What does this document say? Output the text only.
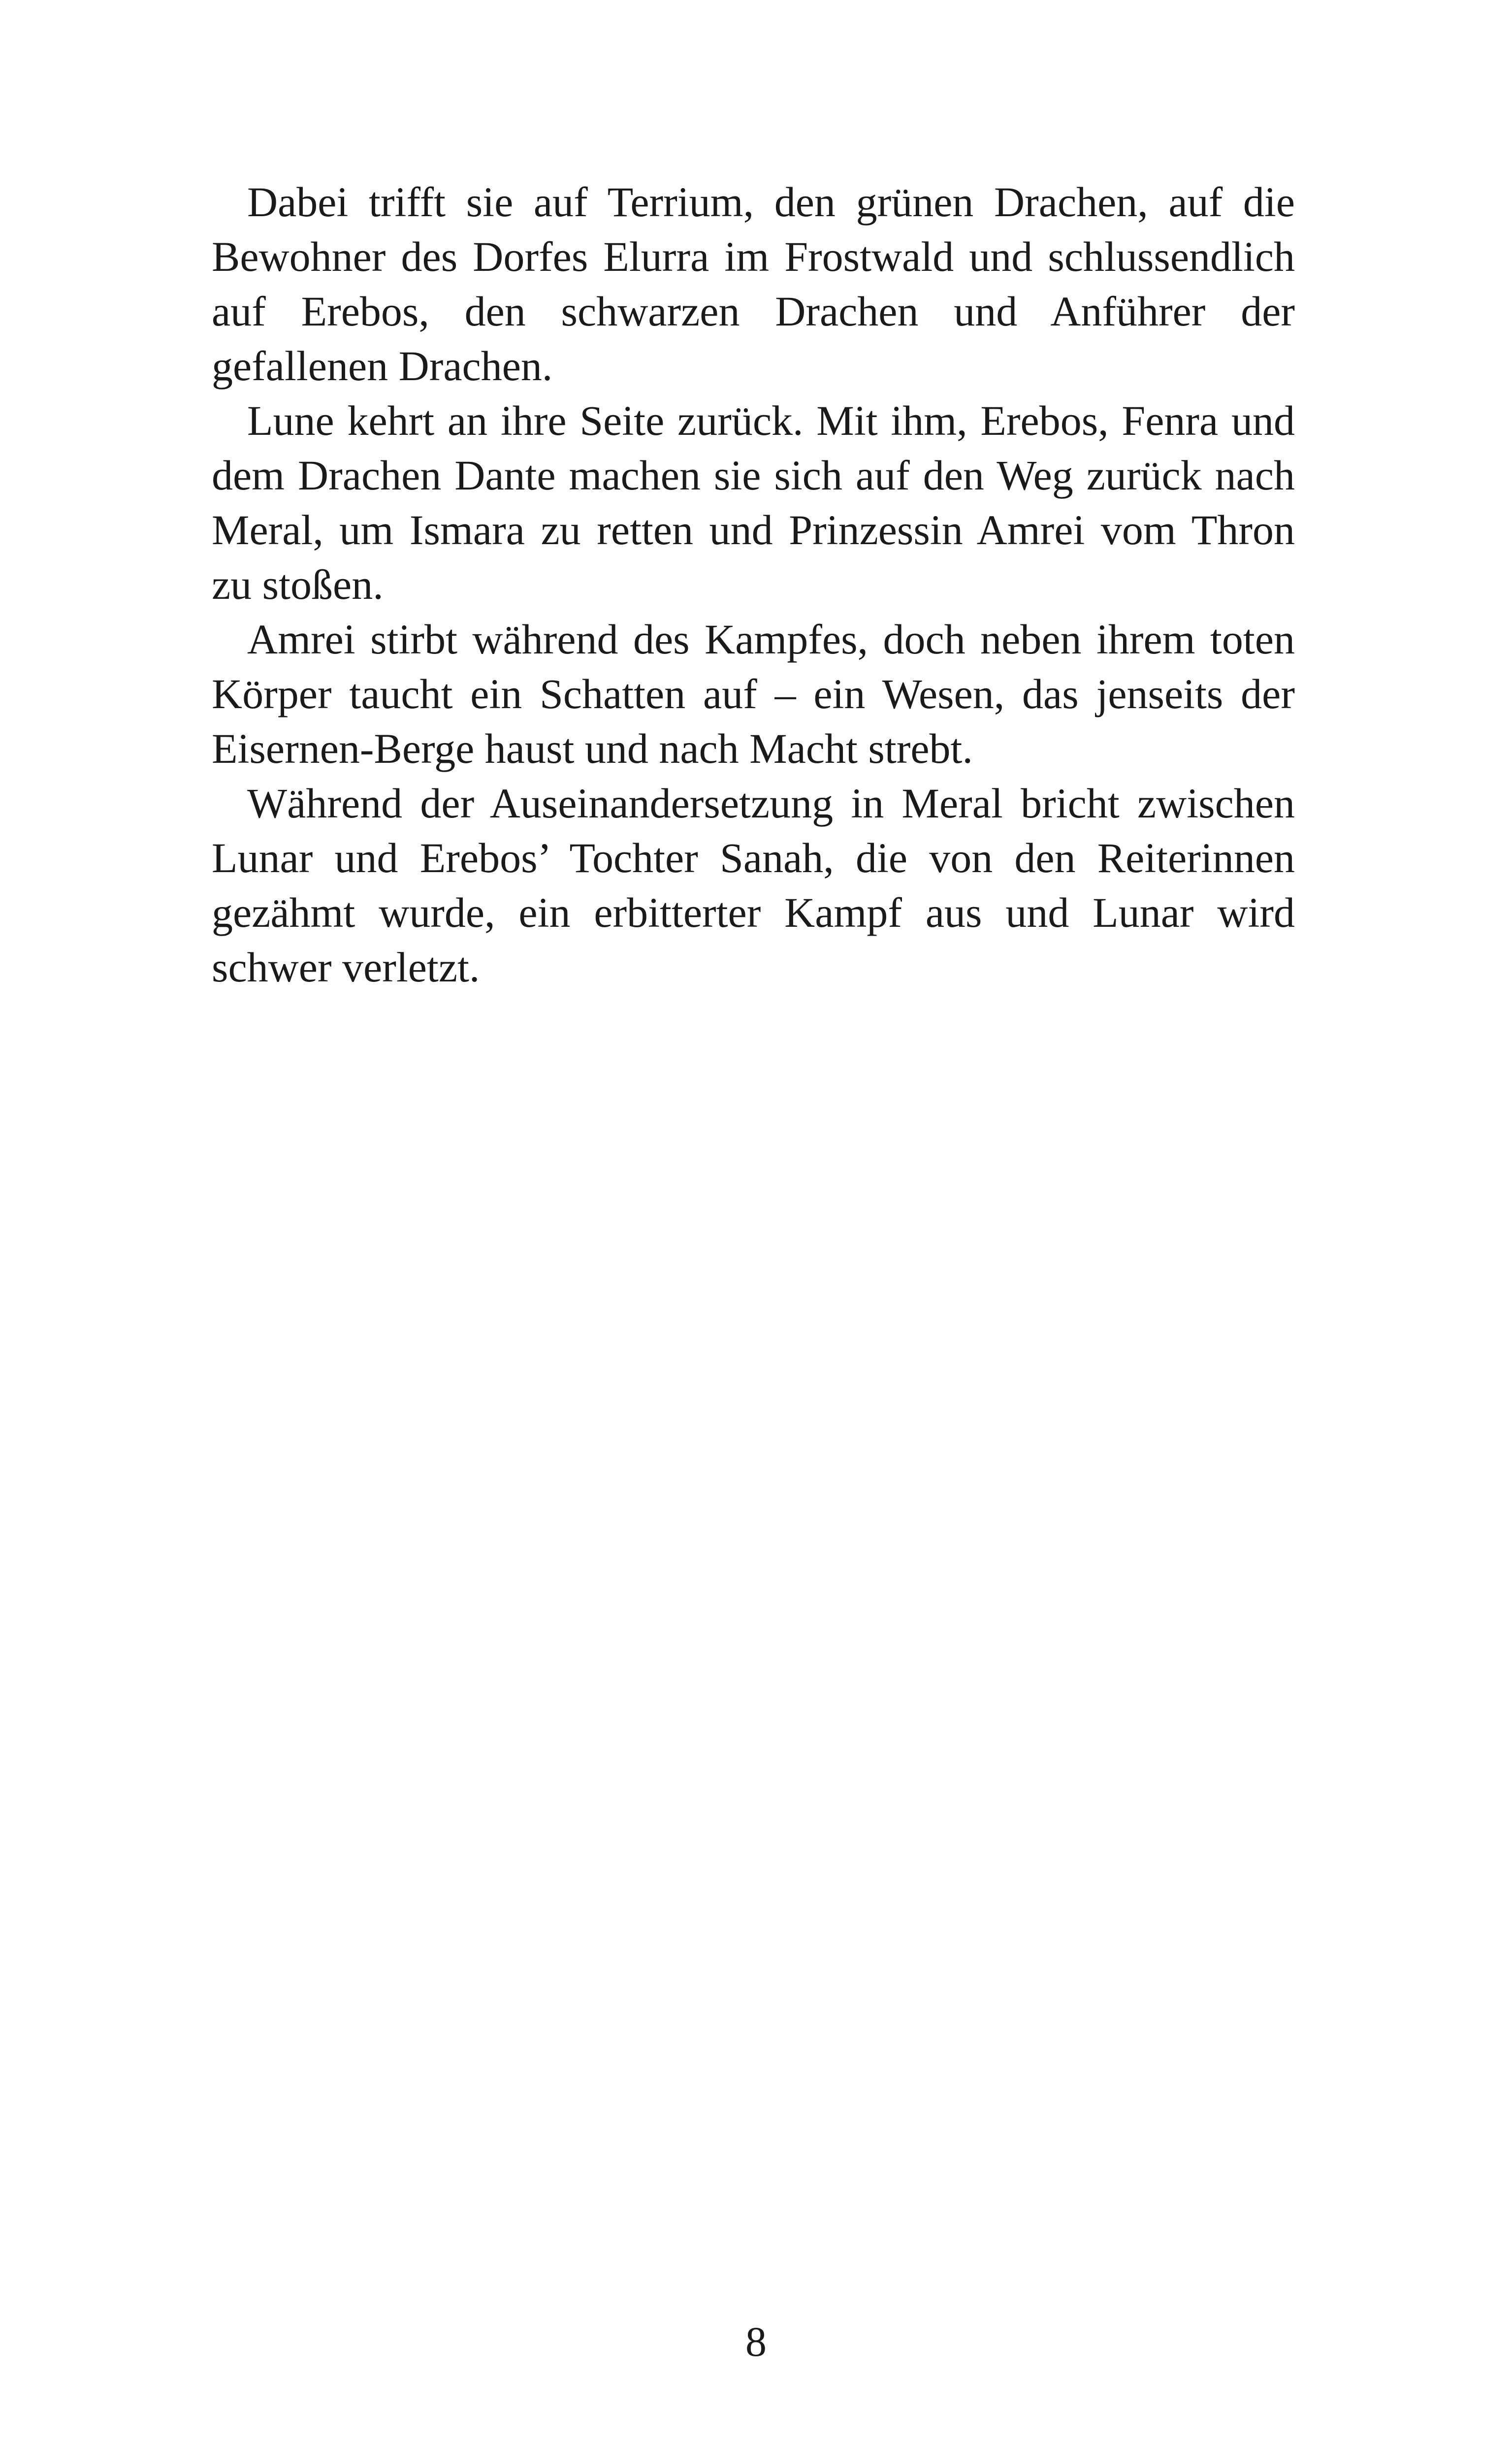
Dabei trifft sie auf Terrium, den grünen Drachen, auf die Bewohner des Dorfes Elurra im Frostwald und schlussendlich auf Erebos, den schwarzen Drachen und Anführer der gefallenen Drachen.

Lune kehrt an ihre Seite zurück. Mit ihm, Erebos, Fenra und dem Drachen Dante machen sie sich auf den Weg zurück nach Meral, um Ismara zu retten und Prinzessin Amrei vom Thron zu stoßen.

Amrei stirbt während des Kampfes, doch neben ihrem toten Körper taucht ein Schatten auf – ein Wesen, das jenseits der Eisernen-Berge haust und nach Macht strebt.

Während der Auseinandersetzung in Meral bricht zwischen Lunar und Erebos’ Tochter Sanah, die von den Reiterinnen gezähmt wurde, ein erbitterter Kampf aus und Lunar wird schwer verletzt.

8
